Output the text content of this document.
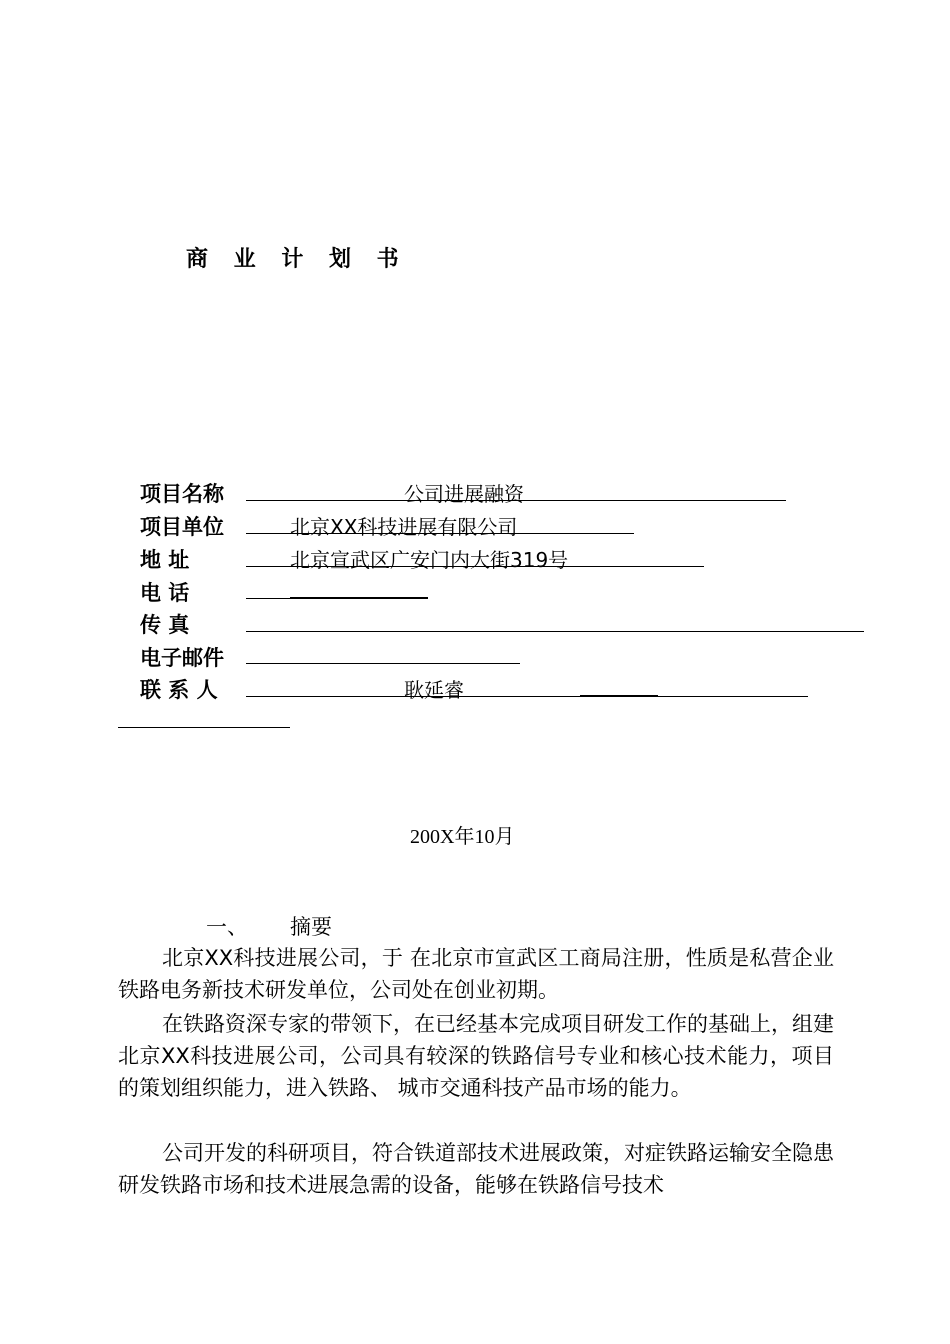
商 业 计 划 书
项目名称	公司进展融资
项目单位	北京XX科技进展有限公司
地 址	北京宣武区广安门内大街319号
电 话
传 真
电子邮件
联 系 人	耿延睿
200X年10月
一、 摘要

北京XX科技进展公司，于 在北京市宣武区工商局注册，性质是私营企业铁路电务新技术研发单位，公司处在创业初期。

在铁路资深专家的带领下，在已经基本完成项目研发工作的基础上，组建北京XX科技进展公司，公司具有较深的铁路信号专业和核心技术能力，项目的策划组织能力，进入铁路、 城市交通科技产品市场的能力。

公司开发的科研项目，符合铁道部技术进展政策，对症铁路运输安全隐患研发铁路市场和技术进展急需的设备，能够在铁路信号技术
